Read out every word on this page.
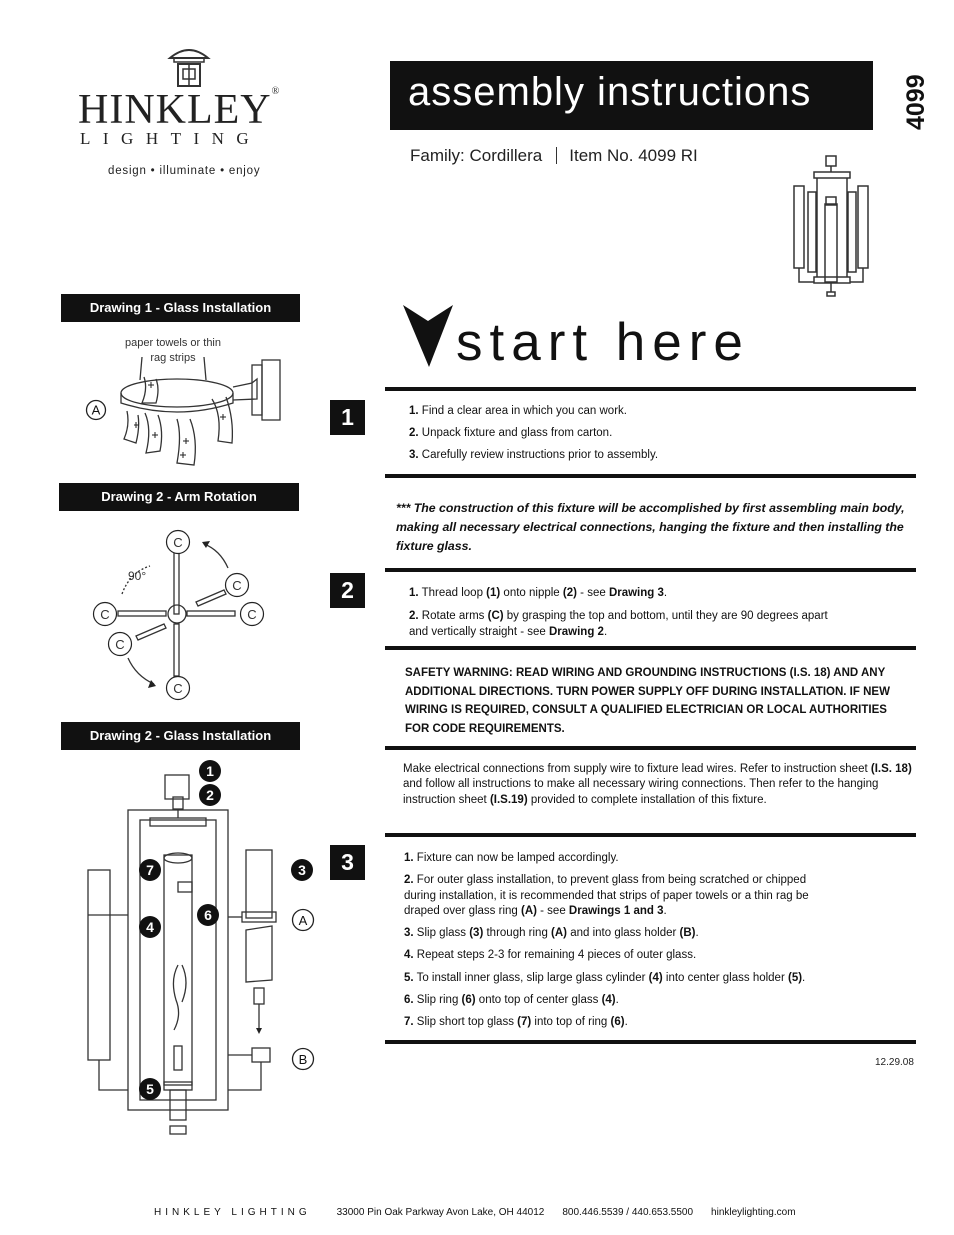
HINKLEY®
LIGHTING
design • illuminate • enjoy
assembly instructions	4099
Family: Cordillera Item No. 4099 RI
Drawing 1 - Glass Installation
paper towels or thin rag strips
A
Drawing 2 - Arm Rotation
90°
C
C
C
C
C
C
Drawing 2 - Glass Installation
1
2
7	3
6
4
5
A
B
start here
1	1. Find a clear area in which you can work.

2. Unpack fixture and glass from carton.

3. Carefully review instructions prior to assembly.

*** The construction of this fixture will be accomplished by first assembling main body, making all necessary electrical connections, hanging the fixture and then installing the fixture glass.
2	1. Thread loop (1) onto nipple (2) - see Drawing 3.

2. Rotate arms (C) by grasping the top and bottom, until they are 90 degrees apart
and vertically straight - see Drawing 2.

SAFETY WARNING: READ WIRING AND GROUNDING INSTRUCTIONS (I.S. 18) AND ANY ADDITIONAL DIRECTIONS. TURN POWER SUPPLY OFF DURING INSTALLATION. IF NEW WIRING IS REQUIRED, CONSULT A QUALIFIED ELECTRICIAN OR LOCAL AUTHORITIES FOR CODE REQUIREMENTS.
Make electrical connections from supply wire to fixture lead wires. Refer to instruction sheet (I.S. 18) and follow all instructions to make all necessary wiring connections. Then refer to the hanging instruction sheet (I.S.19) provided to complete installation of this fixture.
3	1. Fixture can now be lamped accordingly.

2. For outer glass installation, to prevent glass from being scratched or chipped
during installation, it is recommended that strips of paper towels or a thin rag be
draped over glass ring (A) - see Drawings 1 and 3.

3. Slip glass (3) through ring (A) and into glass holder (B).

4. Repeat steps 2-3 for remaining 4 pieces of outer glass.

5. To install inner glass, slip large glass cylinder (4) into center glass holder (5).

6. Slip ring (6) onto top of center glass (4).

7. Slip short top glass (7) into top of ring (6).

12.29.08
HINKLEY LIGHTING	33000 Pin Oak Parkway Avon Lake, OH 44012 800.446.5539 / 440.653.5500 hinkleylighting.com
